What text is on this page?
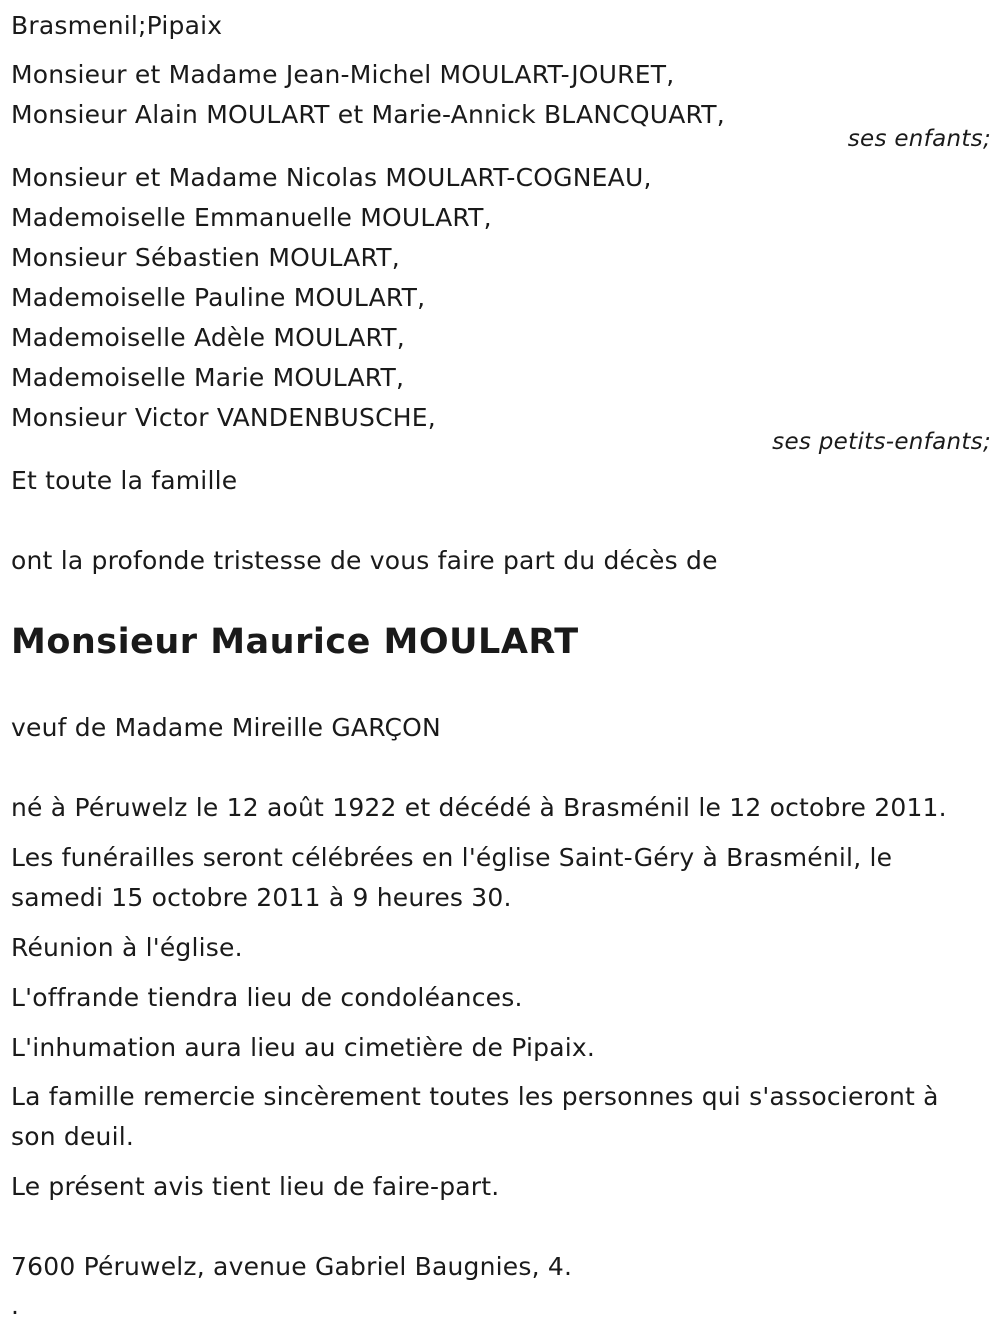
Brasmenil;Pipaix
Monsieur et Madame Jean-Michel MOULART-JOURET,
Monsieur Alain MOULART et Marie-Annick BLANCQUART,
ses enfants;
Monsieur et Madame Nicolas MOULART-COGNEAU,
Mademoiselle Emmanuelle MOULART,
Monsieur Sébastien MOULART,
Mademoiselle Pauline MOULART,
Mademoiselle Adèle MOULART,
Mademoiselle Marie MOULART,
Monsieur Victor VANDENBUSCHE,
ses petits-enfants;
Et toute la famille
ont la profonde tristesse de vous faire part du décès de
Monsieur Maurice MOULART
veuf de Madame Mireille GARÇON
né à Péruwelz le 12 août 1922 et décédé à Brasménil le 12 octobre 2011.
Les funérailles seront célébrées en l'église Saint-Géry à Brasménil, le
samedi 15 octobre 2011 à 9 heures 30.
Réunion à l'église.
L'offrande tiendra lieu de condoléances.
L'inhumation aura lieu au cimetière de Pipaix.
La famille remercie sincèrement toutes les personnes qui s'associeront à
son deuil.
Le présent avis tient lieu de faire-part.
7600 Péruwelz, avenue Gabriel Baugnies, 4.
.
